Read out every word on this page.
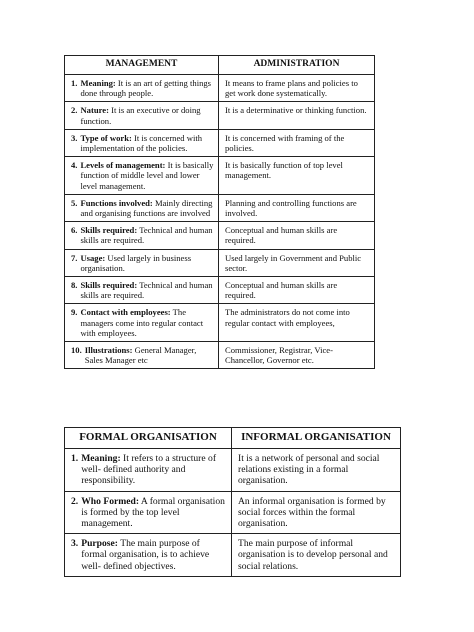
MANAGEMENT	ADMINISTRATION

1. Meaning: It is an art of getting things done through people.	It means to frame plans and policies to get work done systematically.

2. Nature: It is an executive or doing function.	It is a determinative or thinking function.

3. Type of work: It is concerned with implementation of the policies.	It is concerned with framing of the policies.

4. Levels of management: It is basically function of middle level and lower level management.	It is basically function of top level management.

5. Functions involved: Mainly directing and organising functions are involved	Planning and controlling functions are involved.

6. Skills required: Technical and human skills are required.	Conceptual and human skills are required.

7. Usage: Used largely in business organisation.	Used largely in Government and Public sector.

8. Skills required: Technical and human skills are required.	Conceptual and human skills are required.

9. Contact with employees: The managers come into regular contact with employees.	The administrators do not come into regular contact with employees,

10. Illustrations: General Manager, Sales Manager etc	Commissioner, Registrar, Vice-Chancellor, Governor etc.
FORMAL ORGANISATION	INFORMAL ORGANISATION

1. Meaning: It refers to a structure of well- defined authority and responsibility.	It is a network of personal and social relations existing in a formal organisation.

2. Who Formed: A formal organisation is formed by the top level management.	An informal organisation is formed by social forces within the formal organisation.

3. Purpose: The main purpose of formal organisation, is to achieve well- defined objectives.	The main purpose of informal organisation is to develop personal and social relations.
